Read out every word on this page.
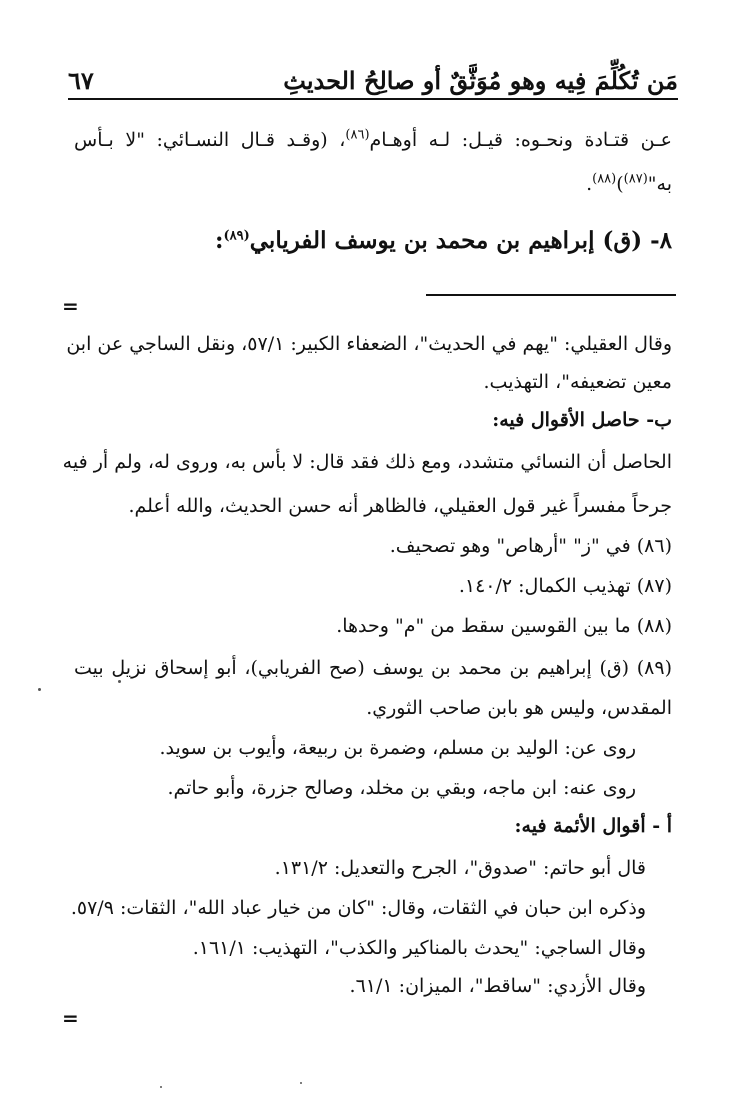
مَن تُكُلِّمَ فِيه وهو مُوَثَّقٌ أو صالِحُ الحديثِ
٦٧
عـن قتـادة ونحـوه: قيـل: لـه أوهـام$^{(٨٦)}$، (وقـد قـال النسـائي: "لا بـأس
به"$^{(٨٧)}$)$^{(٨٨)}$.
٨- (ق) إبراهيم بن محمد بن يوسف الفريابي$^{(٨٩)}$:
=
وقال العقيلي: "يهم في الحديث"، الضعفاء الكبير: ٥٧/١، ونقل الساجي عن ابن
معين تضعيفه"، التهذيب.
ب- حاصل الأقوال فيه:
الحاصل أن النسائي متشدد، ومع ذلك فقد قال: لا بأس به، وروى له، ولم أر فيه
جرحاً مفسراً غير قول العقيلي، فالظاهر أنه حسن الحديث، والله أعلم.
(٨٦) في "ز" "أرهاص" وهو تصحيف.
(٨٧) تهذيب الكمال: ١٤٠/٢.
(٨٨) ما بين القوسين سقط من "م" وحدها.
(٨٩) (ق) إبراهيم بن محمد بن يوسف (صح الفريابي)، أبو إسحاق نزيل بيت
المقدس، وليس هو بابن صاحب الثوري.
روى عن: الوليد بن مسلم، وضمرة بن ربيعة، وأيوب بن سويد.
روى عنه: ابن ماجه، وبقي بن مخلد، وصالح جزرة، وأبو حاتم.
أ - أقوال الأئمة فيه:
قال أبو حاتم: "صدوق"، الجرح والتعديل: ١٣١/٢.
وذكره ابن حبان في الثقات، وقال: "كان من خيار عباد الله"، الثقات: ٥٧/٩.
وقال الساجي: "يحدث بالمناكير والكذب"، التهذيب: ١٦١/١.
وقال الأزدي: "ساقط"، الميزان: ٦١/١.
=
